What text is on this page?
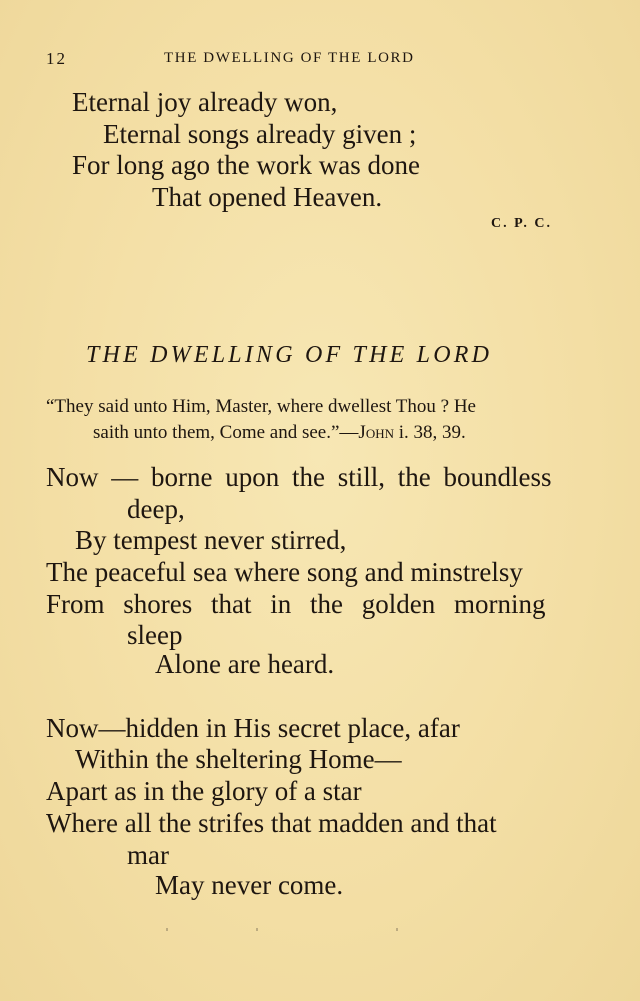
12	THE DWELLING OF THE LORD
Eternal joy already won,
Eternal songs already given ;
For long ago the work was done
That opened Heaven.
C. P. C.
THE DWELLING OF THE LORD
“They said unto Him, Master, where dwellest Thou ? He
saith unto them, Come and see.”—John i. 38, 39.
Now — borne upon the still, the boundless
deep,
By tempest never stirred,
The peaceful sea where song and minstrelsy
From shores that in the golden morning
sleep
Alone are heard.
Now—hidden in His secret place, afar
Within the sheltering Home—
Apart as in the glory of a star
Where all the strifes that madden and that
mar
May never come.
